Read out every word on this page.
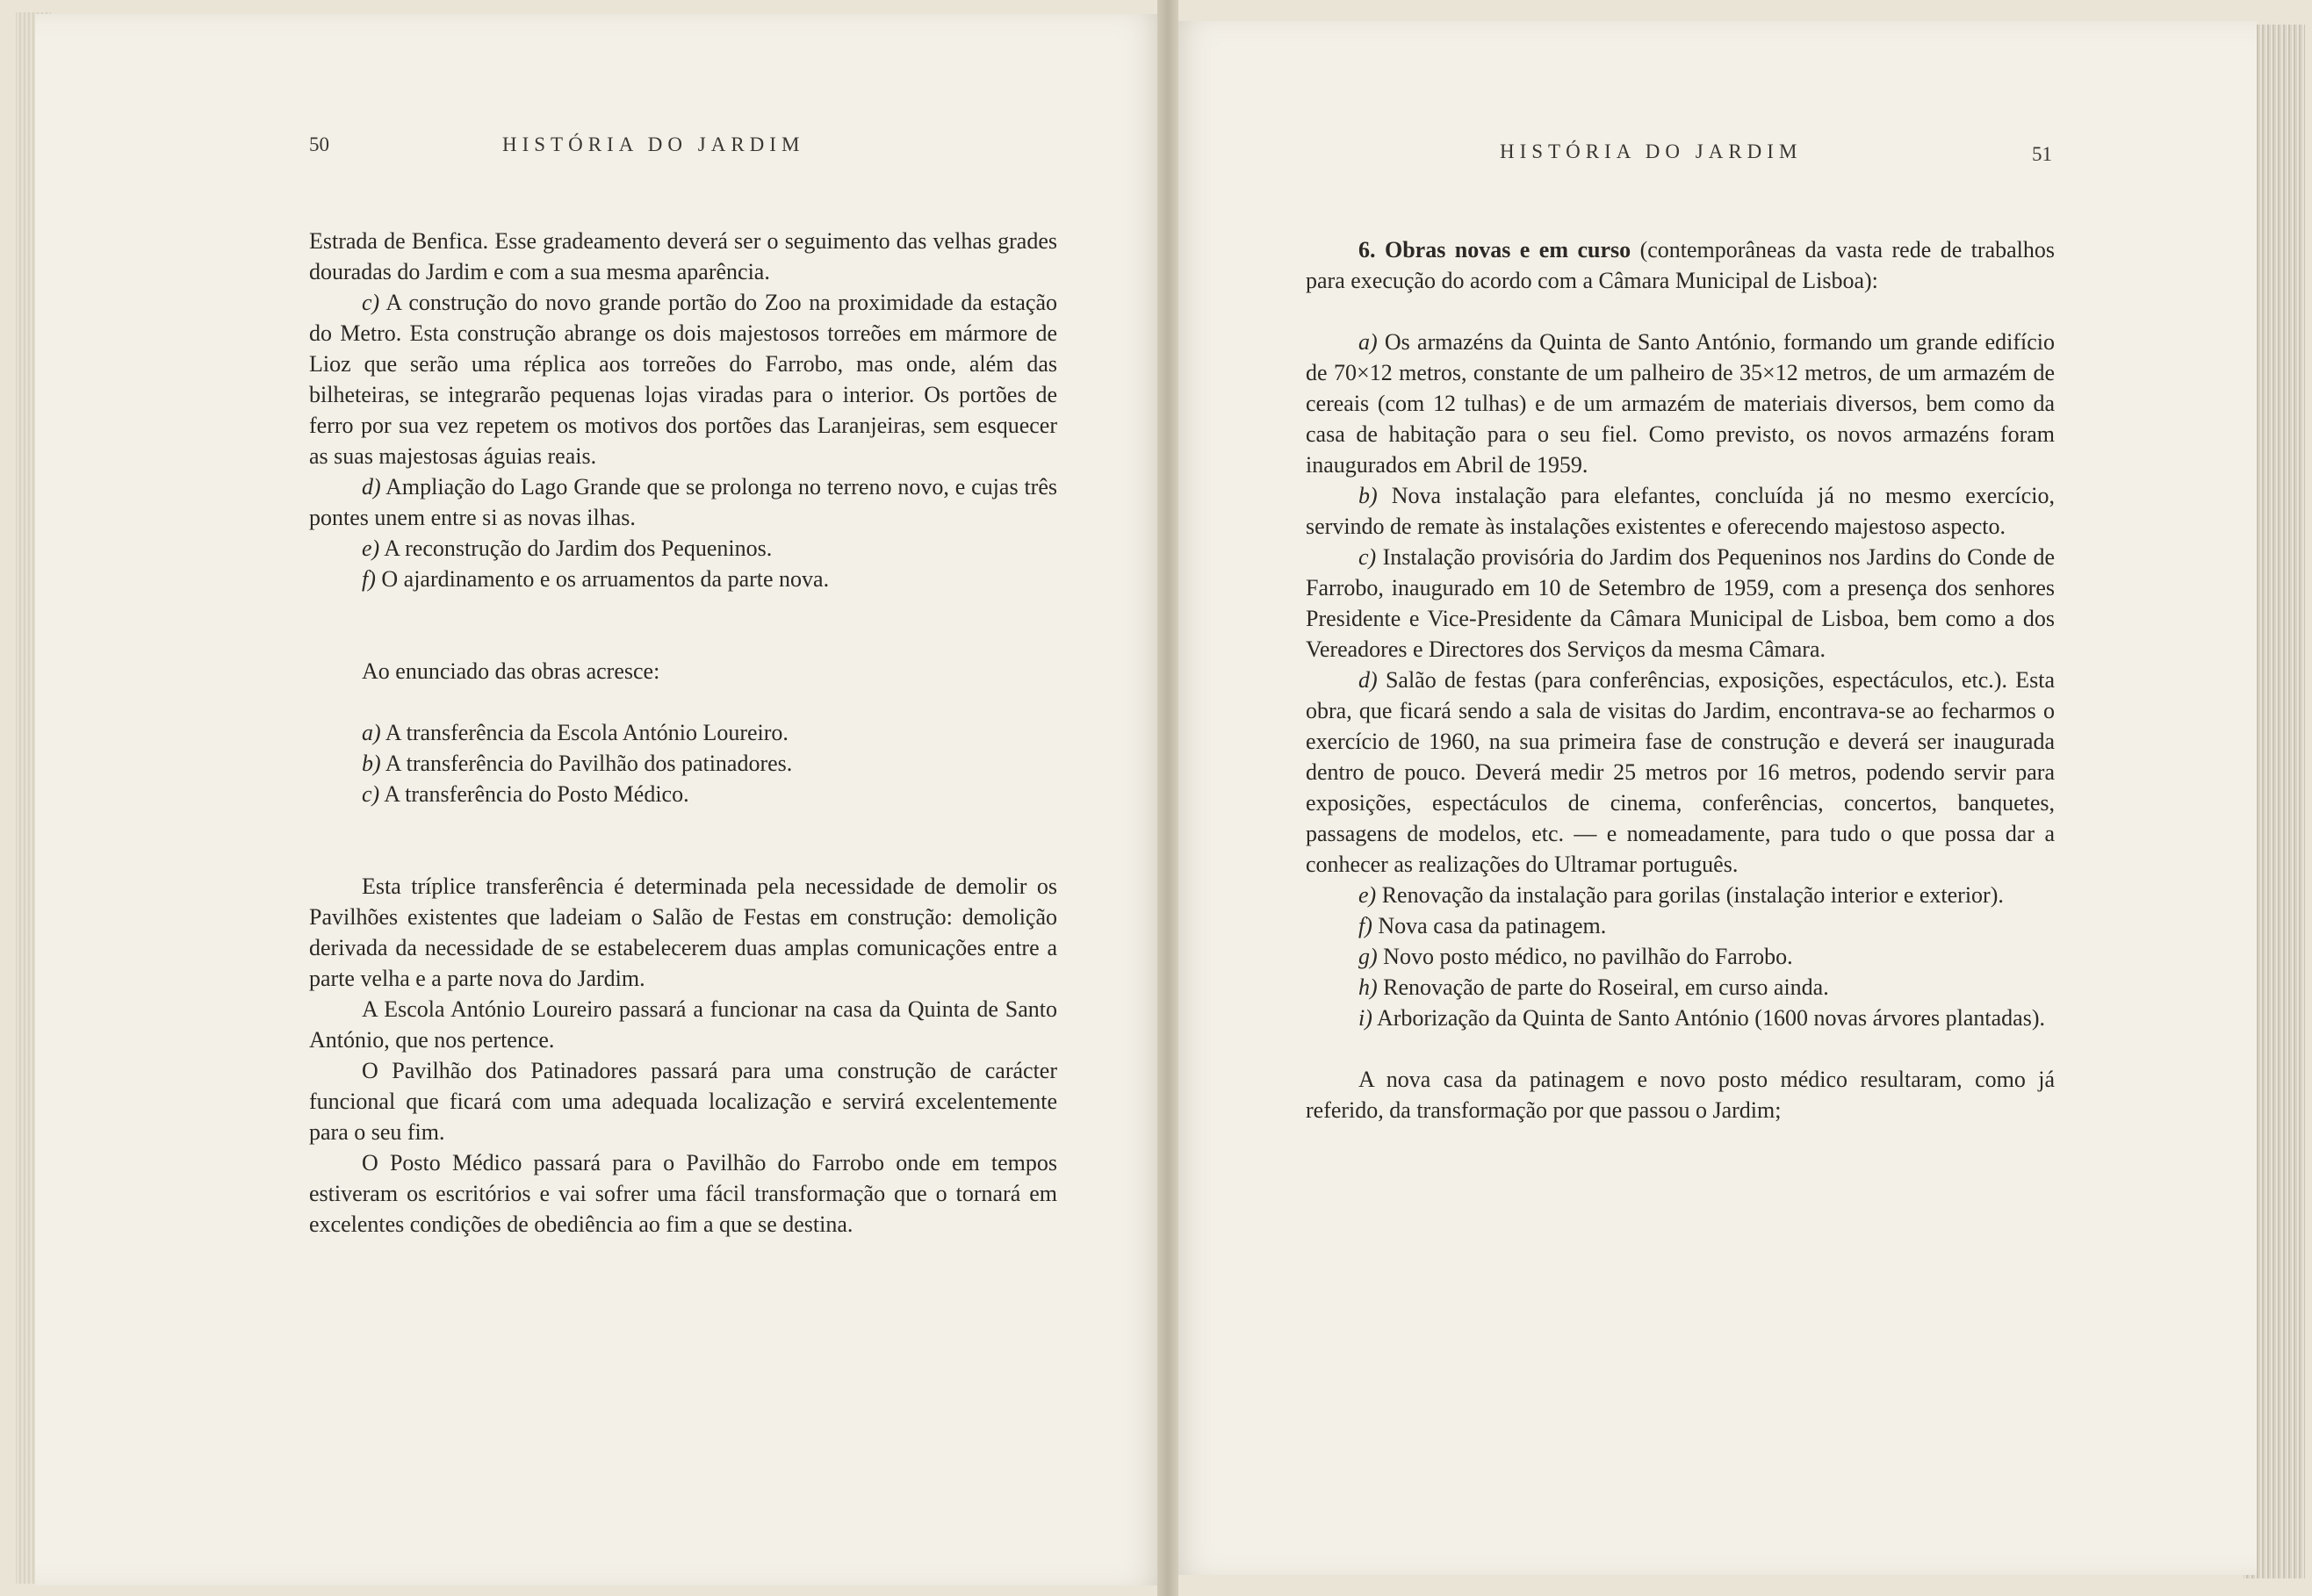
50	HISTÓRIA DO JARDIM

Estrada de Benfica. Esse gradeamento deverá ser o seguimento das velhas grades douradas do Jardim e com a sua mesma aparência.

c) A construção do novo grande portão do Zoo na proximidade da estação do Metro. Esta construção abrange os dois majestosos torreões em mármore de Lioz que serão uma réplica aos torreões do Farrobo, mas onde, além das bilheteiras, se integrarão pequenas lojas viradas para o interior. Os portões de ferro por sua vez repetem os motivos dos portões das Laranjeiras, sem esquecer as suas majestosas águias reais.

d) Ampliação do Lago Grande que se prolonga no terreno novo, e cujas três pontes unem entre si as novas ilhas.

e) A reconstrução do Jardim dos Pequeninos.

f) O ajardinamento e os arruamentos da parte nova.

Ao enunciado das obras acresce:

a) A transferência da Escola António Loureiro.

b) A transferência do Pavilhão dos patinadores.

c) A transferência do Posto Médico.

Esta tríplice transferência é determinada pela necessidade de demolir os Pavilhões existentes que ladeiam o Salão de Festas em construção: demolição derivada da necessidade de se estabelecerem duas amplas comunicações entre a parte velha e a parte nova do Jardim.

A Escola António Loureiro passará a funcionar na casa da Quinta de Santo António, que nos pertence.

O Pavilhão dos Patinadores passará para uma construção de carácter funcional que ficará com uma adequada localização e servirá excelentemente para o seu fim.

O Posto Médico passará para o Pavilhão do Farrobo onde em tempos estiveram os escritórios e vai sofrer uma fácil transformação que o tornará em excelentes condições de obediência ao fim a que se destina.

HISTÓRIA DO JARDIM	51

6. Obras novas e em curso (contemporâneas da vasta rede de trabalhos para execução do acordo com a Câmara Municipal de Lisboa):

a) Os armazéns da Quinta de Santo António, formando um grande edifício de 70×12 metros, constante de um palheiro de 35×12 metros, de um armazém de cereais (com 12 tulhas) e de um armazém de materiais diversos, bem como da casa de habitação para o seu fiel. Como previsto, os novos armazéns foram inaugurados em Abril de 1959.

b) Nova instalação para elefantes, concluída já no mesmo exercício, servindo de remate às instalações existentes e oferecendo majestoso aspecto.

c) Instalação provisória do Jardim dos Pequeninos nos Jardins do Conde de Farrobo, inaugurado em 10 de Setembro de 1959, com a presença dos senhores Presidente e Vice-Presidente da Câmara Municipal de Lisboa, bem como a dos Vereadores e Directores dos Serviços da mesma Câmara.

d) Salão de festas (para conferências, exposições, espectáculos, etc.). Esta obra, que ficará sendo a sala de visitas do Jardim, encontrava-se ao fecharmos o exercício de 1960, na sua primeira fase de construção e deverá ser inaugurada dentro de pouco. Deverá medir 25 metros por 16 metros, podendo servir para exposições, espectáculos de cinema, conferências, concertos, banquetes, passagens de modelos, etc. — e nomeadamente, para tudo o que possa dar a conhecer as realizações do Ultramar português.

e) Renovação da instalação para gorilas (instalação interior e exterior).

f) Nova casa da patinagem.

g) Novo posto médico, no pavilhão do Farrobo.

h) Renovação de parte do Roseiral, em curso ainda.

i) Arborização da Quinta de Santo António (1600 novas árvores plantadas).

A nova casa da patinagem e novo posto médico resultaram, como já referido, da transformação por que passou o Jardim;
